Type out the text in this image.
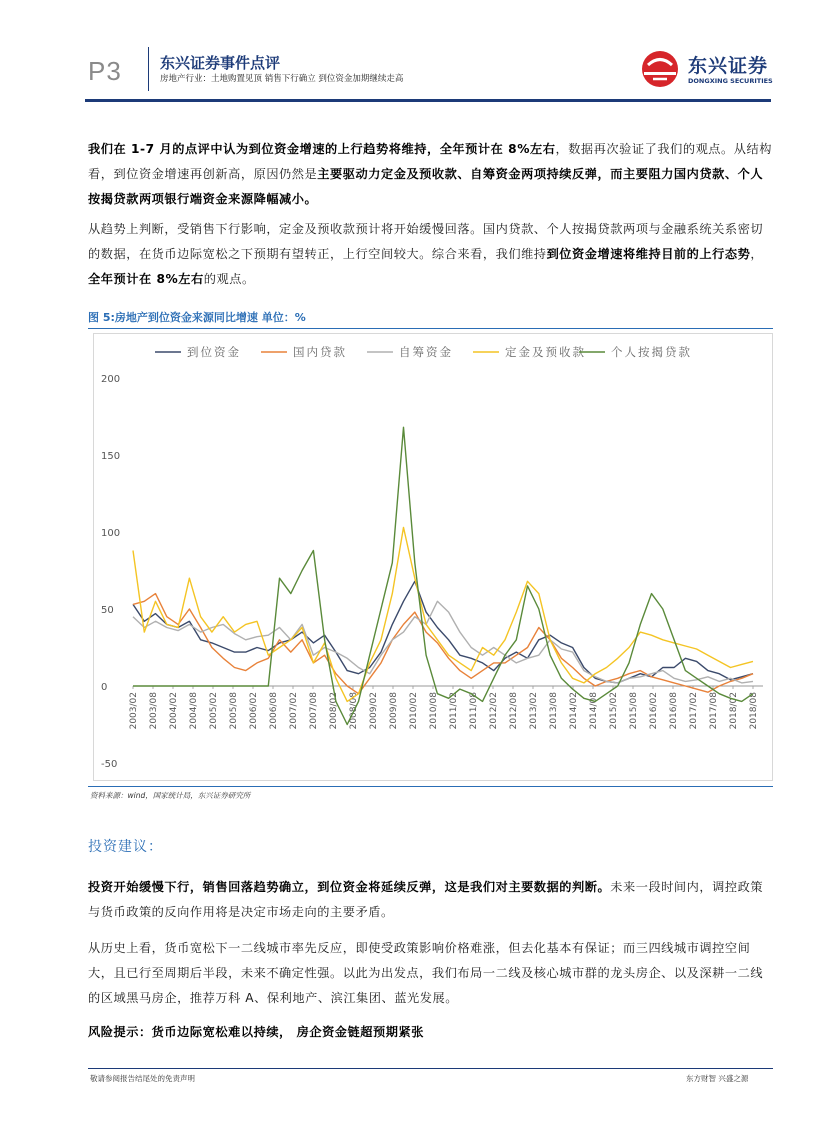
P3	东兴证券事件点评
房地产行业：土地购置见顶 销售下行确立 到位资金加期继续走高
东兴证券
DONGXING SECURITIES
我们在 1-7 月的点评中认为到位资金增速的上行趋势将维持，全年预计在 8%左右，数据再次验证了我们的观点。从结构看，到位资金增速再创新高，原因仍然是主要驱动力定金及预收款、自筹资金两项持续反弹，而主要阻力国内贷款、个人按揭贷款两项银行端资金来源降幅减小。
从趋势上判断，受销售下行影响，定金及预收款预计将开始缓慢回落。国内贷款、个人按揭贷款两项与金融系统关系密切的数据，在货币边际宽松之下预期有望转正，上行空间较大。综合来看，我们维持到位资金增速将维持目前的上行态势，全年预计在 8%左右的观点。
图 5:房地产到位资金来源同比增速 单位：%
200
150
100
50
0
-50
2003/02 2003/08 2004/02 2004/08 2005/02 2005/08 2006/02 2006/08 2007/02 2007/08 2008/02 2008/08 2009/02 2009/08 2010/02 2010/08 2011/02 2011/08 2012/02 2012/08 2013/02 2013/08 2014/02 2014/08 2015/02 2015/08 2016/02 2016/08 2017/02 2017/08 2018/02 2018/08
到位资金	国内贷款	自筹资金	定金及预收款 个人按揭贷款
资料来源：wind，国家统计局，东兴证券研究所
投资建议：
投资开始缓慢下行，销售回落趋势确立，到位资金将延续反弹，这是我们对主要数据的判断。未来一段时间内，调控政策与货币政策的反向作用将是决定市场走向的主要矛盾。
从历史上看，货币宽松下一二线城市率先反应，即使受政策影响价格难涨，但去化基本有保证；而三四线城市调控空间大，且已行至周期后半段，未来不确定性强。以此为出发点，我们布局一二线及核心城市群的龙头房企、以及深耕一二线的区域黑马房企，推荐万科 A、保利地产、滨江集团、蓝光发展。
风险提示：货币边际宽松难以持续， 房企资金链超预期紧张
敬请参阅报告结尾处的免责声明	东方财智 兴盛之源
